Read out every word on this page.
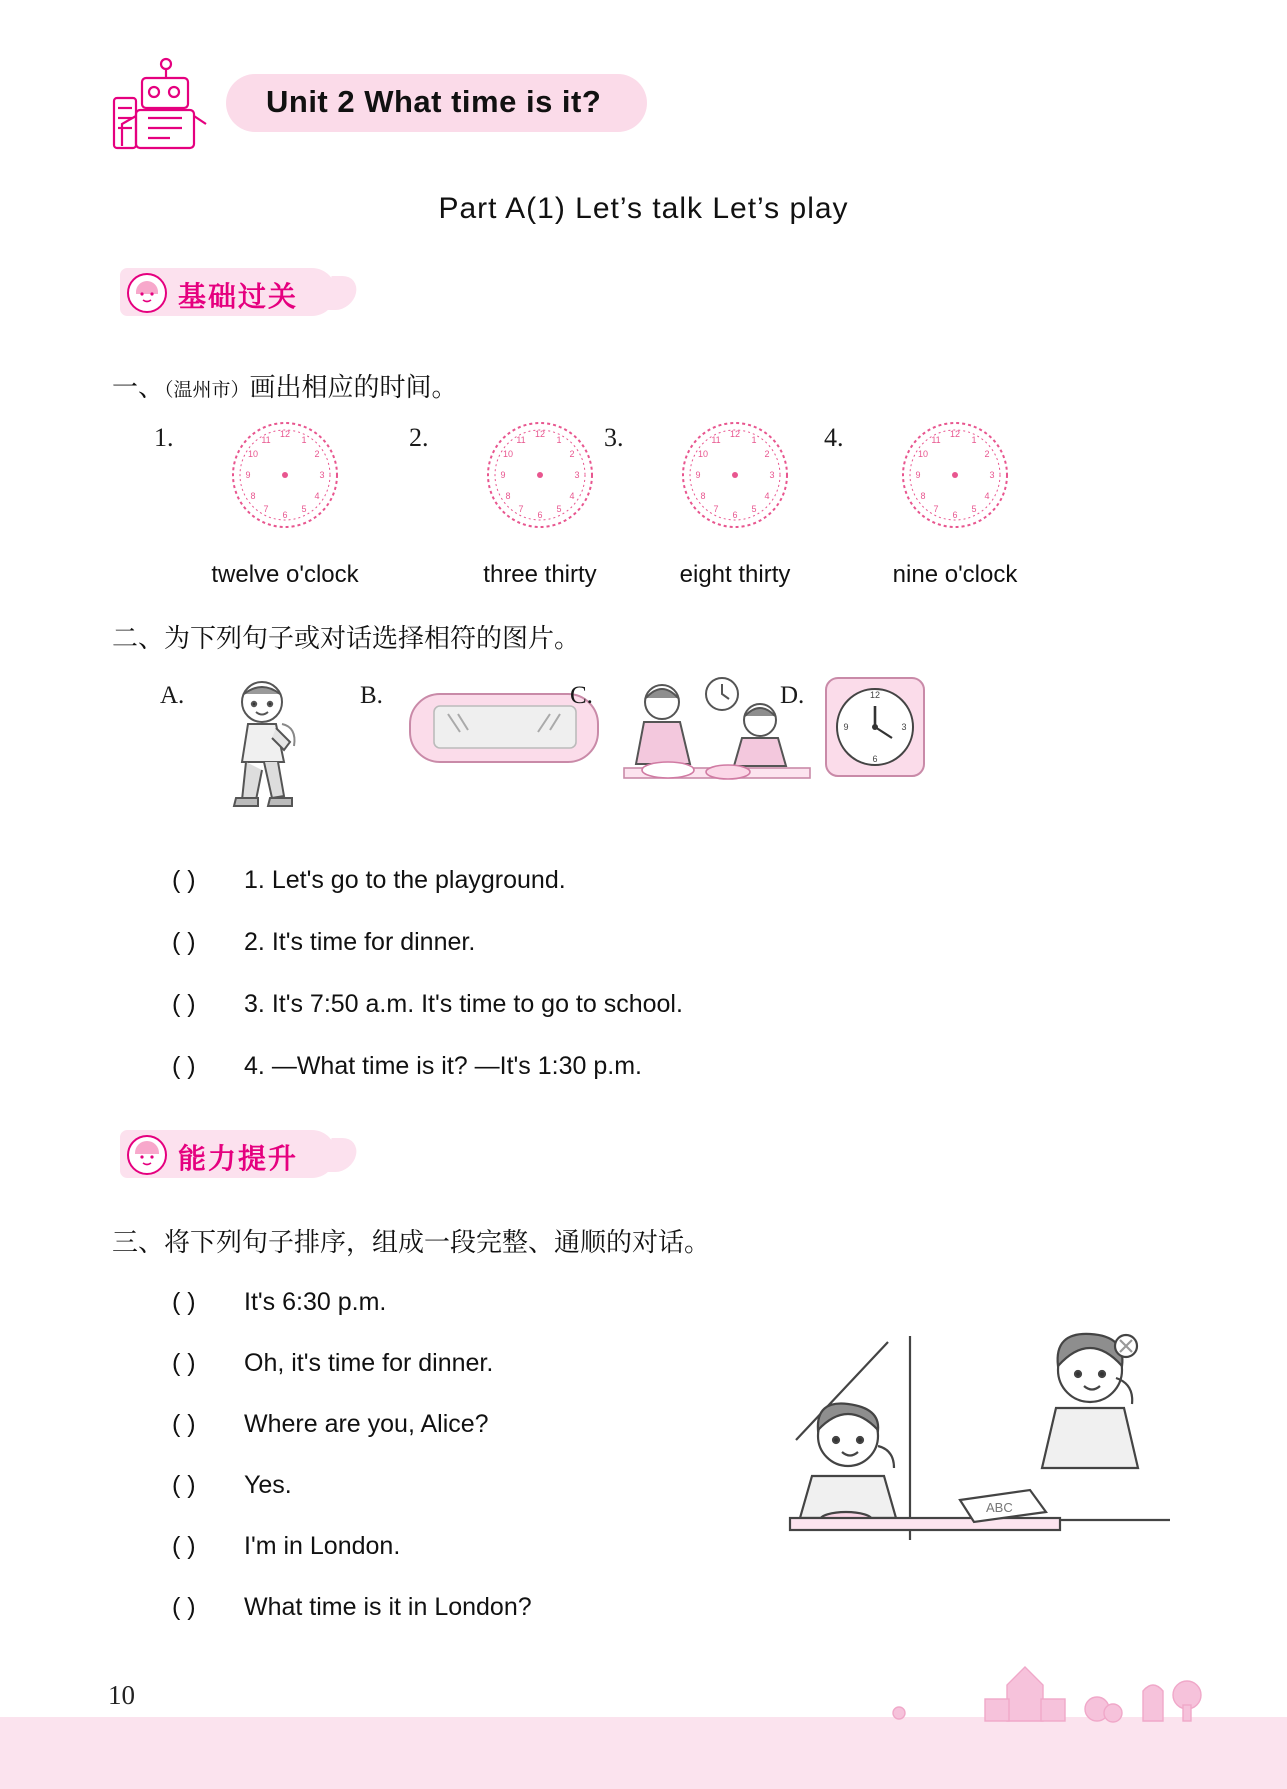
Unit 2 What time is it?
Part A(1) Let’s talk Let’s play
基础过关
一、（温州市）画出相应的时间。
1.	12
1
2
3
4
5
6
7
8
9
10
11
twelve o'clock
2.	12
1
2
3
4
5
6
7
8
9
10
11
three thirty
3.	12
1
2
3
4
5
6
7
8
9
10
11
eight thirty
4.	12
1
2
3
4
5
6
7
8
9
10
11
nine o'clock
二、为下列句子或对话选择相符的图片。
A.	B.	C.	D.	12
3
6
9
( ) 1. Let's go to the playground.
( ) 2. It's time for dinner.
( ) 3. It's 7:50 a.m. It's time to go to school.
( ) 4. —What time is it? —It's 1:30 p.m.
能力提升
三、将下列句子排序，组成一段完整、通顺的对话。
( ) It's 6:30 p.m.
( ) Oh, it's time for dinner.
( ) Where are you, Alice?
( ) Yes.
( ) I'm in London.
( ) What time is it in London?
ABC
10
